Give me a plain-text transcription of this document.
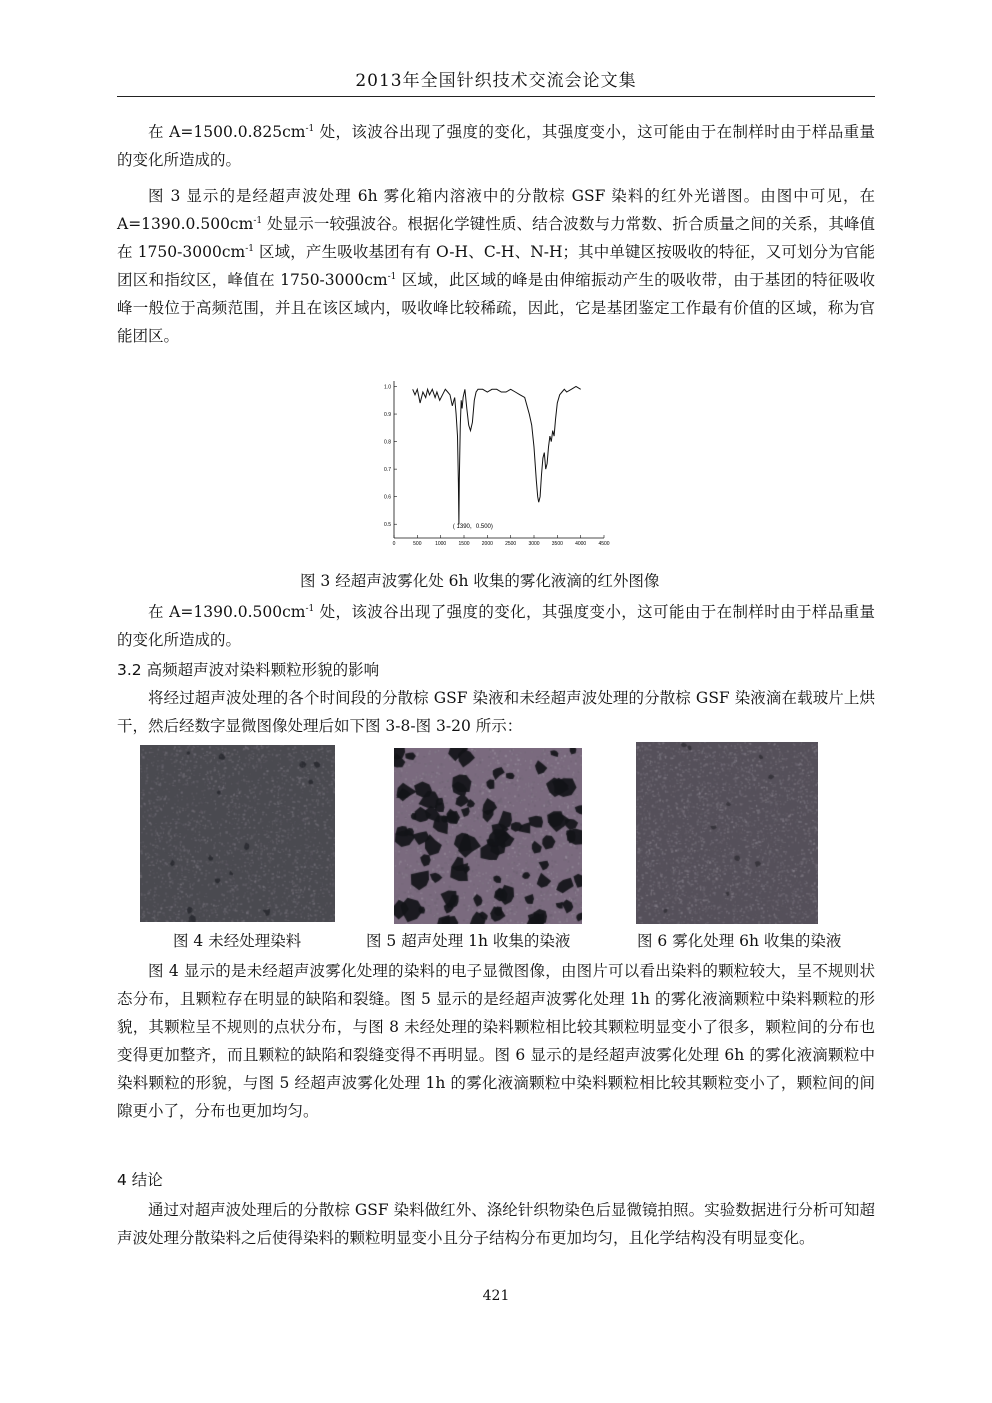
2013年全国针织技术交流会论文集

在 $A=1500.0.825cm^{-1}$ 处，该波谷出现了强度的变化，其强度变小，这可能由于在制样时由于样品重量的变化所造成的。

图 3 显示的是经超声波处理 6h 雾化箱内溶液中的分散棕 GSF 染料的红外光谱图。由图中可见，在 $A=1390.0.500cm^{-1}$ 处显示一较强波谷。根据化学键性质、结合波数与力常数、折合质量之间的关系，其峰值在 $1750-3000cm^{-1}$ 区域，产生吸收基团有有 O-H、C-H、N-H；其中单键区按吸收的特征，又可划分为官能团区和指纹区，峰值在 $1750-3000cm^{-1}$ 区域，此区域的峰是由伸缩振动产生的吸收带，由于基团的特征吸收峰一般位于高频范围，并且在该区域内，吸收峰比较稀疏，因此，它是基团鉴定工作最有价值的区域，称为官能团区。

0.5
0.6
0.7
0.8
0.9
1.0
0	500	1000 1500 2000 2500 3000 3500 4000 4500
( 1390，0.500)

图 3 经超声波雾化处 6h 收集的雾化液滴的红外图像

在 $A=1390.0.500cm^{-1}$ 处，该波谷出现了强度的变化，其强度变小，这可能由于在制样时由于样品重量的变化所造成的。

3.2 高频超声波对染料颗粒形貌的影响

将经过超声波处理的各个时间段的分散棕 GSF 染液和未经超声波处理的分散棕 GSF 染液滴在载玻片上烘干，然后经数字显微图像处理后如下图 3-8-图 3-20 所示：

图 4 未经处理染料	图 5 超声处理 1h 收集的染液	图 6 雾化处理 6h 收集的染液

图 4 显示的是未经超声波雾化处理的染料的电子显微图像，由图片可以看出染料的颗粒较大，呈不规则状态分布，且颗粒存在明显的缺陷和裂缝。图 5 显示的是经超声波雾化处理 1h 的雾化液滴颗粒中染料颗粒的形貌，其颗粒呈不规则的点状分布，与图 8 未经处理的染料颗粒相比较其颗粒明显变小了很多，颗粒间的分布也变得更加整齐，而且颗粒的缺陷和裂缝变得不再明显。图 6 显示的是经超声波雾化处理 6h 的雾化液滴颗粒中染料颗粒的形貌，与图 5 经超声波雾化处理 1h 的雾化液滴颗粒中染料颗粒相比较其颗粒变小了，颗粒间的间隙更小了，分布也更加均匀。

4 结论

通过对超声波处理后的分散棕 GSF 染料做红外、涤纶针织物染色后显微镜拍照。实验数据进行分析可知超声波处理分散染料之后使得染料的颗粒明显变小且分子结构分布更加均匀，且化学结构没有明显变化。

421
